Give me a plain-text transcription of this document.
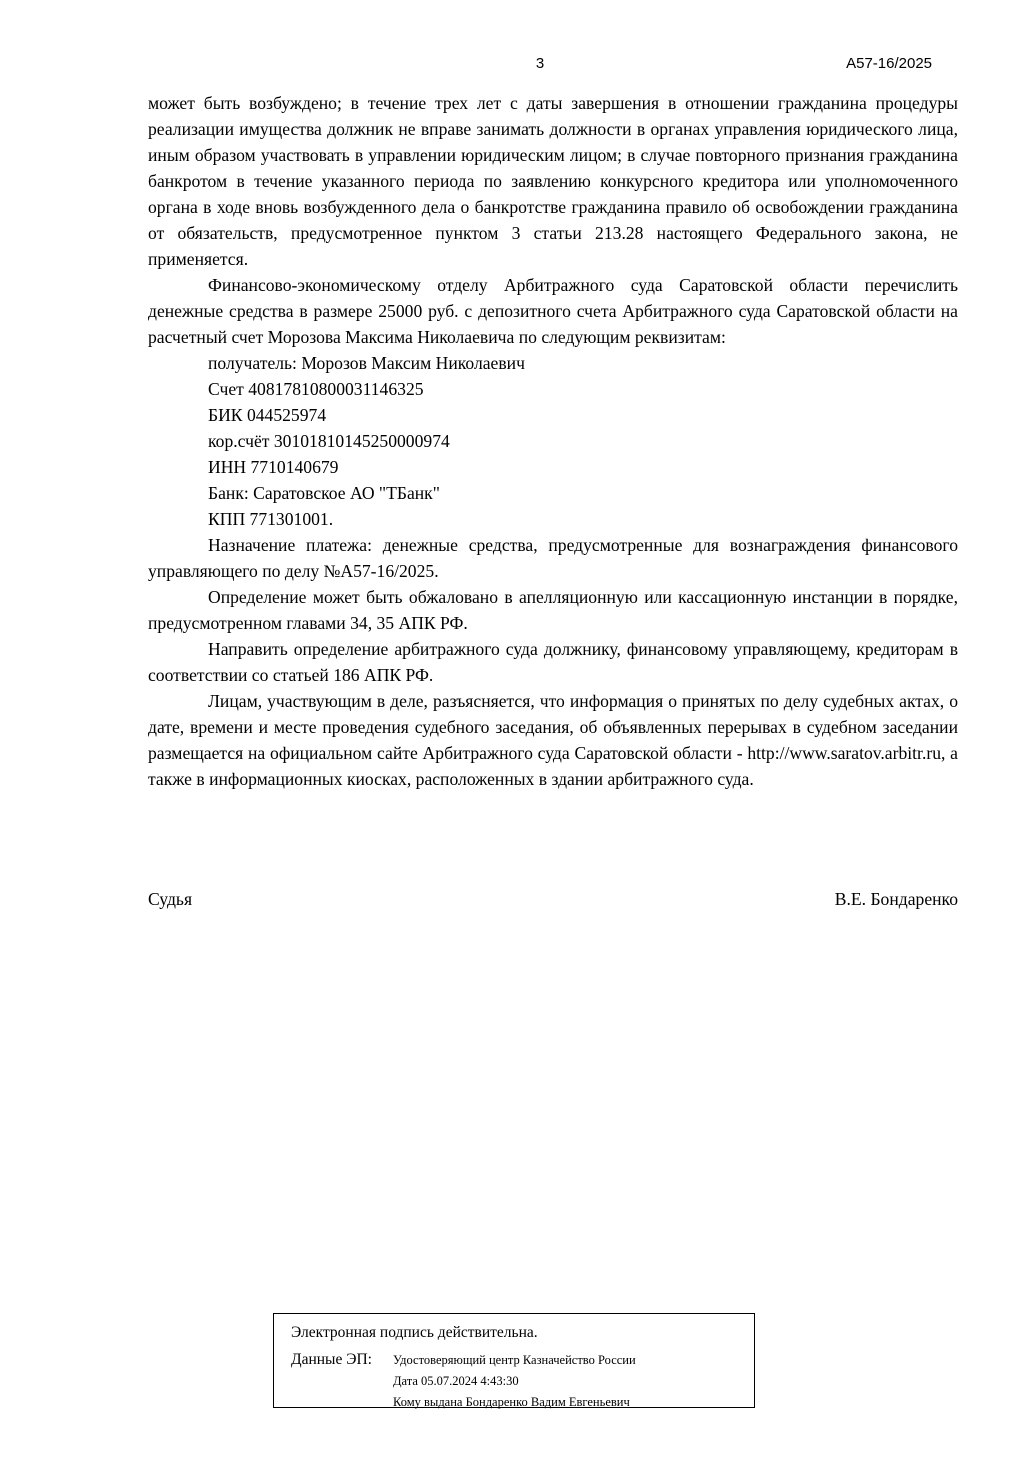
3	А57-16/2025

может быть возбуждено; в течение трех лет с даты завершения в отношении гражданина процедуры реализации имущества должник не вправе занимать должности в органах управления юридического лица, иным образом участвовать в управлении юридическим лицом; в случае повторного признания гражданина банкротом в течение указанного периода по заявлению конкурсного кредитора или уполномоченного органа в ходе вновь возбужденного дела о банкротстве гражданина правило об освобождении гражданина от обязательств, предусмотренное пунктом 3 статьи 213.28 настоящего Федерального закона, не применяется.

Финансово-экономическому отделу Арбитражного суда Саратовской области перечислить денежные средства в размере 25000 руб. с депозитного счета Арбитражного суда Саратовской области на расчетный счет Морозова Максима Николаевича по следующим реквизитам:

получатель: Морозов Максим Николаевич
Счет 40817810800031146325
БИК 044525974
кор.счёт 30101810145250000974
ИНН 7710140679
Банк: Саратовское АО "ТБанк"
КПП 771301001.

Назначение платежа: денежные средства, предусмотренные для вознаграждения финансового управляющего по делу №А57-16/2025.

Определение может быть обжаловано в апелляционную или кассационную инстанции в порядке, предусмотренном главами 34, 35 АПК РФ.

Направить определение арбитражного суда должнику, финансовому управляющему, кредиторам в соответствии со статьей 186 АПК РФ.

Лицам, участвующим в деле, разъясняется, что информация о принятых по делу судебных актах, о дате, времени и месте проведения судебного заседания, об объявленных перерывах в судебном заседании размещается на официальном сайте Арбитражного суда Саратовской области - http://www.saratov.arbitr.ru, а также в информационных киосках, расположенных в здании арбитражного суда.

Судья	В.Е. Бондаренко
Электронная подпись действительна.
Данные ЭП:	Удостоверяющий центр Казначейство России
Дата 05.07.2024 4:43:30
Кому выдана Бондаренко Вадим Евгеньевич
